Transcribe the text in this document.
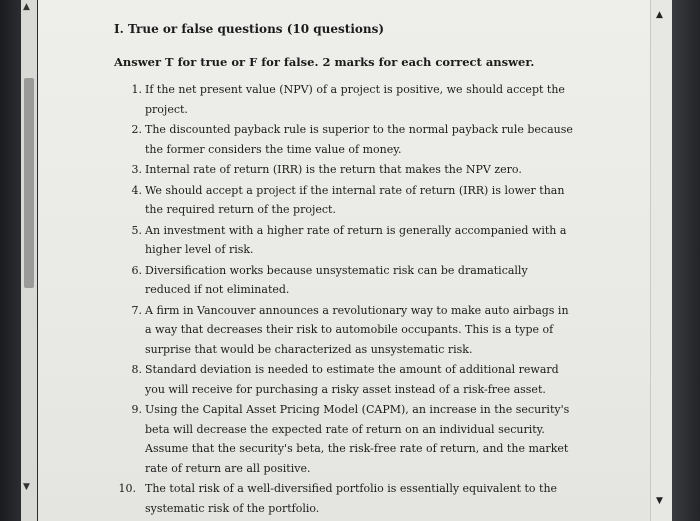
▲
▼

I. True or false questions (10 questions)

Answer T for true or F for false. 2 marks for each correct answer.

1. If the net present value (NPV) of a project is positive, we should accept the project.
2. The discounted payback rule is superior to the normal payback rule because the former considers the time value of money.
3. Internal rate of return (IRR) is the return that makes the NPV zero.
4. We should accept a project if the internal rate of return (IRR) is lower than the required return of the project.
5. An investment with a higher rate of return is generally accompanied with a higher level of risk.
6. Diversification works because unsystematic risk can be dramatically reduced if not eliminated.
7. A firm in Vancouver announces a revolutionary way to make auto airbags in a way that decreases their risk to automobile occupants. This is a type of surprise that would be characterized as unsystematic risk.
8. Standard deviation is needed to estimate the amount of additional reward you will receive for purchasing a risky asset instead of a risk-free asset.
9. Using the Capital Asset Pricing Model (CAPM), an increase in the security's beta will decrease the expected rate of return on an individual security. Assume that the security's beta, the risk-free rate of return, and the market rate of return are all positive.
10. The total risk of a well-diversified portfolio is essentially equivalent to the systematic risk of the portfolio.
▲
▼
